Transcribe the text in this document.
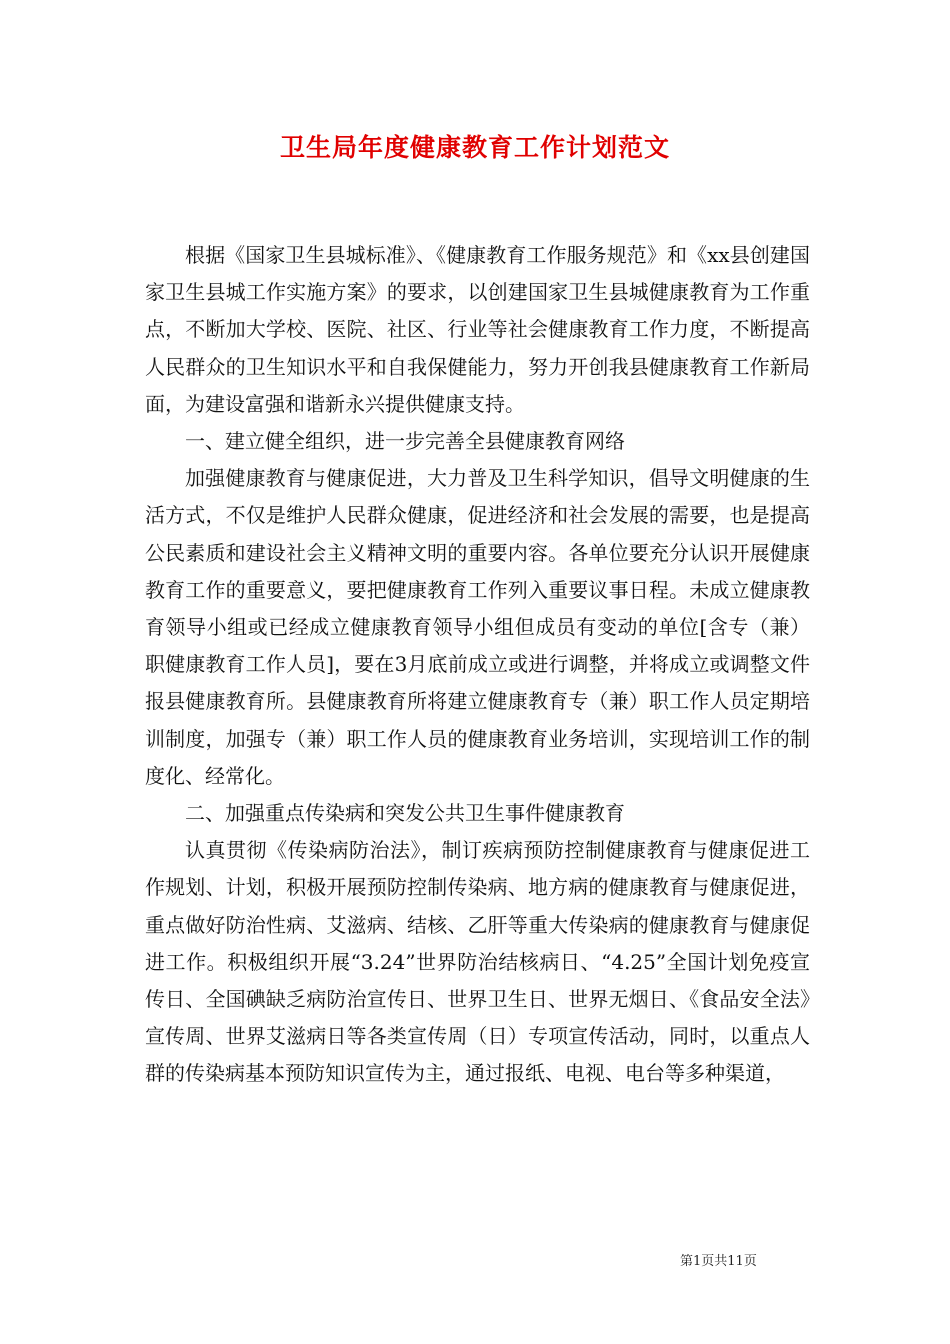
卫生局年度健康教育工作计划范文

根据《国家卫生县城标准》、《健康教育工作服务规范》和《xx县创建国家卫生县城工作实施方案》的要求，以创建国家卫生县城健康教育为工作重点，不断加大学校、医院、社区、行业等社会健康教育工作力度，不断提高人民群众的卫生知识水平和自我保健能力，努力开创我县健康教育工作新局面，为建设富强和谐新永兴提供健康支持。

一、建立健全组织，进一步完善全县健康教育网络

加强健康教育与健康促进，大力普及卫生科学知识，倡导文明健康的生活方式，不仅是维护人民群众健康，促进经济和社会发展的需要，也是提高公民素质和建设社会主义精神文明的重要内容。各单位要充分认识开展健康教育工作的重要意义，要把健康教育工作列入重要议事日程。未成立健康教育领导小组或已经成立健康教育领导小组但成员有变动的单位[含专（兼）职健康教育工作人员]，要在3月底前成立或进行调整，并将成立或调整文件报县健康教育所。县健康教育所将建立健康教育专（兼）职工作人员定期培训制度，加强专（兼）职工作人员的健康教育业务培训，实现培训工作的制度化、经常化。

二、加强重点传染病和突发公共卫生事件健康教育

认真贯彻《传染病防治法》，制订疾病预防控制健康教育与健康促进工作规划、计划，积极开展预防控制传染病、地方病的健康教育与健康促进，重点做好防治性病、艾滋病、结核、乙肝等重大传染病的健康教育与健康促进工作。积极组织开展“3.24”世界防治结核病日、“4.25”全国计划免疫宣传日、全国碘缺乏病防治宣传日、世界卫生日、世界无烟日、《食品安全法》宣传周、世界艾滋病日等各类宣传周（日）专项宣传活动，同时，以重点人群的传染病基本预防知识宣传为主，通过报纸、电视、电台等多种渠道，

第1页共11页
